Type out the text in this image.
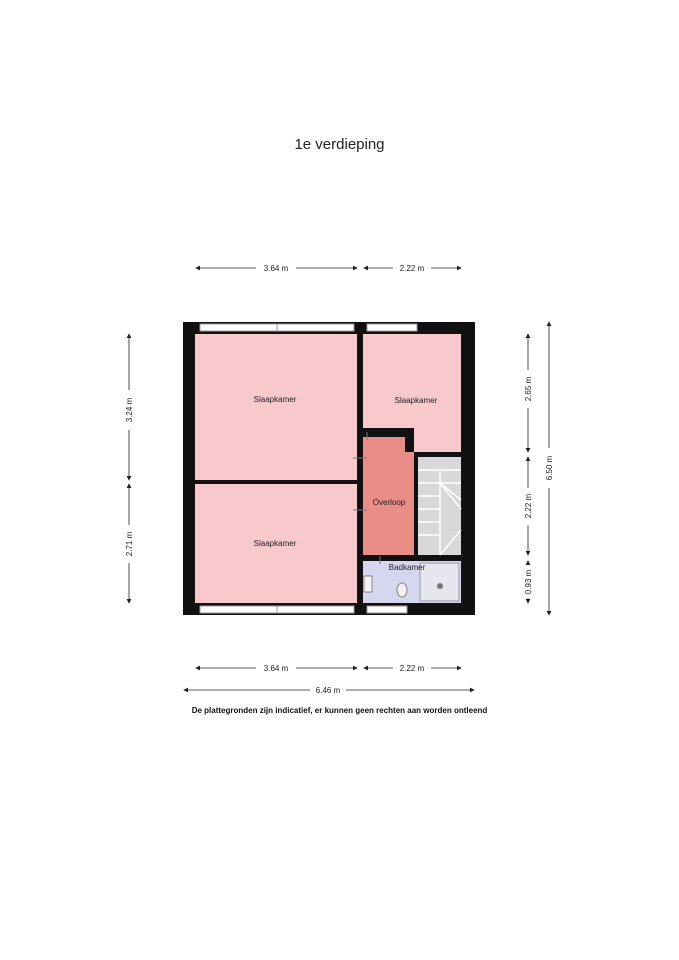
1e verdieping
Slaapkamer	Slaapkamer
Slaapkamer
Overloop
Badkamer
3.64 m	2.22 m
3.64 m	2.22 m
6.46 m
3.24 m
2.71 m
2.65 m
2.22 m
0.93 m
6.50 m
De plattegronden zijn indicatief, er kunnen geen rechten aan worden ontleend
